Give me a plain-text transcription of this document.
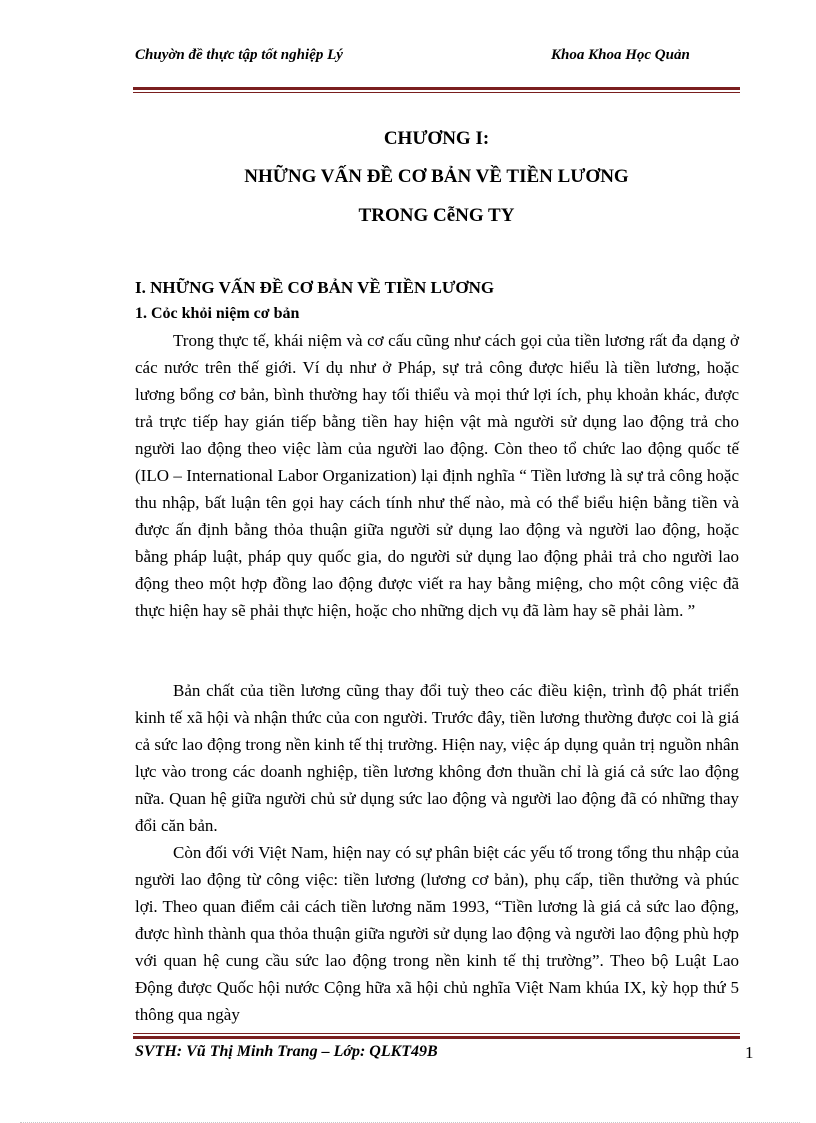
Chuyờn đề thực tập tốt nghiệp Lý	Khoa Khoa Học Quản
CHƯƠNG I:
NHỮNG VẤN ĐỀ CƠ BẢN VỀ TIỀN LƯƠNG
TRONG CễNG TY
I. NHỮNG VẤN ĐỀ CƠ BẢN VỀ TIỀN LƯƠNG
1. Cỏc khỏi niệm cơ bản

Trong thực tế, khái niệm và cơ cấu cũng như cách gọi của tiền lương rất đa dạng ở các nước trên thế giới. Ví dụ như ở Pháp, sự trả công được hiểu là tiền lương, hoặc lương bổng cơ bản, bình thường hay tối thiểu và mọi thứ lợi ích, phụ khoản khác, được trả trực tiếp hay gián tiếp bằng tiền hay hiện vật mà người sử dụng lao động trả cho người lao động theo việc làm của người lao động. Còn theo tổ chức lao động quốc tế (ILO – International Labor Organization) lại định nghĩa “ Tiền lương là sự trả công hoặc thu nhập, bất luận tên gọi hay cách tính như thế nào, mà có thể biểu hiện bằng tiền và được ấn định bằng thỏa thuận giữa người sử dụng lao động và người lao động, hoặc bằng pháp luật, pháp quy quốc gia, do người sử dụng lao động phải trả cho người lao động theo một hợp đồng lao động được viết ra hay bằng miệng, cho một công việc đã thực hiện hay sẽ phải thực hiện, hoặc cho những dịch vụ đã làm hay sẽ phải làm. ”

Bản chất của tiền lương cũng thay đổi tuỳ theo các điều kiện, trình độ phát triển kinh tế xã hội và nhận thức của con người. Trước đây, tiền lương thường được coi là giá cả sức lao động trong nền kinh tế thị trường. Hiện nay, việc áp dụng quản trị nguồn nhân lực vào trong các doanh nghiệp, tiền lương không đơn thuần chỉ là giá cả sức lao động nữa. Quan hệ giữa người chủ sử dụng sức lao động và người lao động đã có những thay đổi căn bản.

Còn đối với Việt Nam, hiện nay có sự phân biệt các yếu tố trong tổng thu nhập của người lao động từ công việc: tiền lương (lương cơ bản), phụ cấp, tiền thưởng và phúc lợi. Theo quan điểm cải cách tiền lương năm 1993, “Tiền lương là giá cả sức lao động, được hình thành qua thỏa thuận giữa người sử dụng lao động và người lao động phù hợp với quan hệ cung cầu sức lao động trong nền kinh tế thị trường”. Theo bộ Luật Lao Động được Quốc hội nước Cộng hữa xã hội chủ nghĩa Việt Nam khúa IX, kỳ họp thứ 5 thông qua ngày

SVTH: Vũ Thị Minh Trang – Lớp: QLKT49B	1
